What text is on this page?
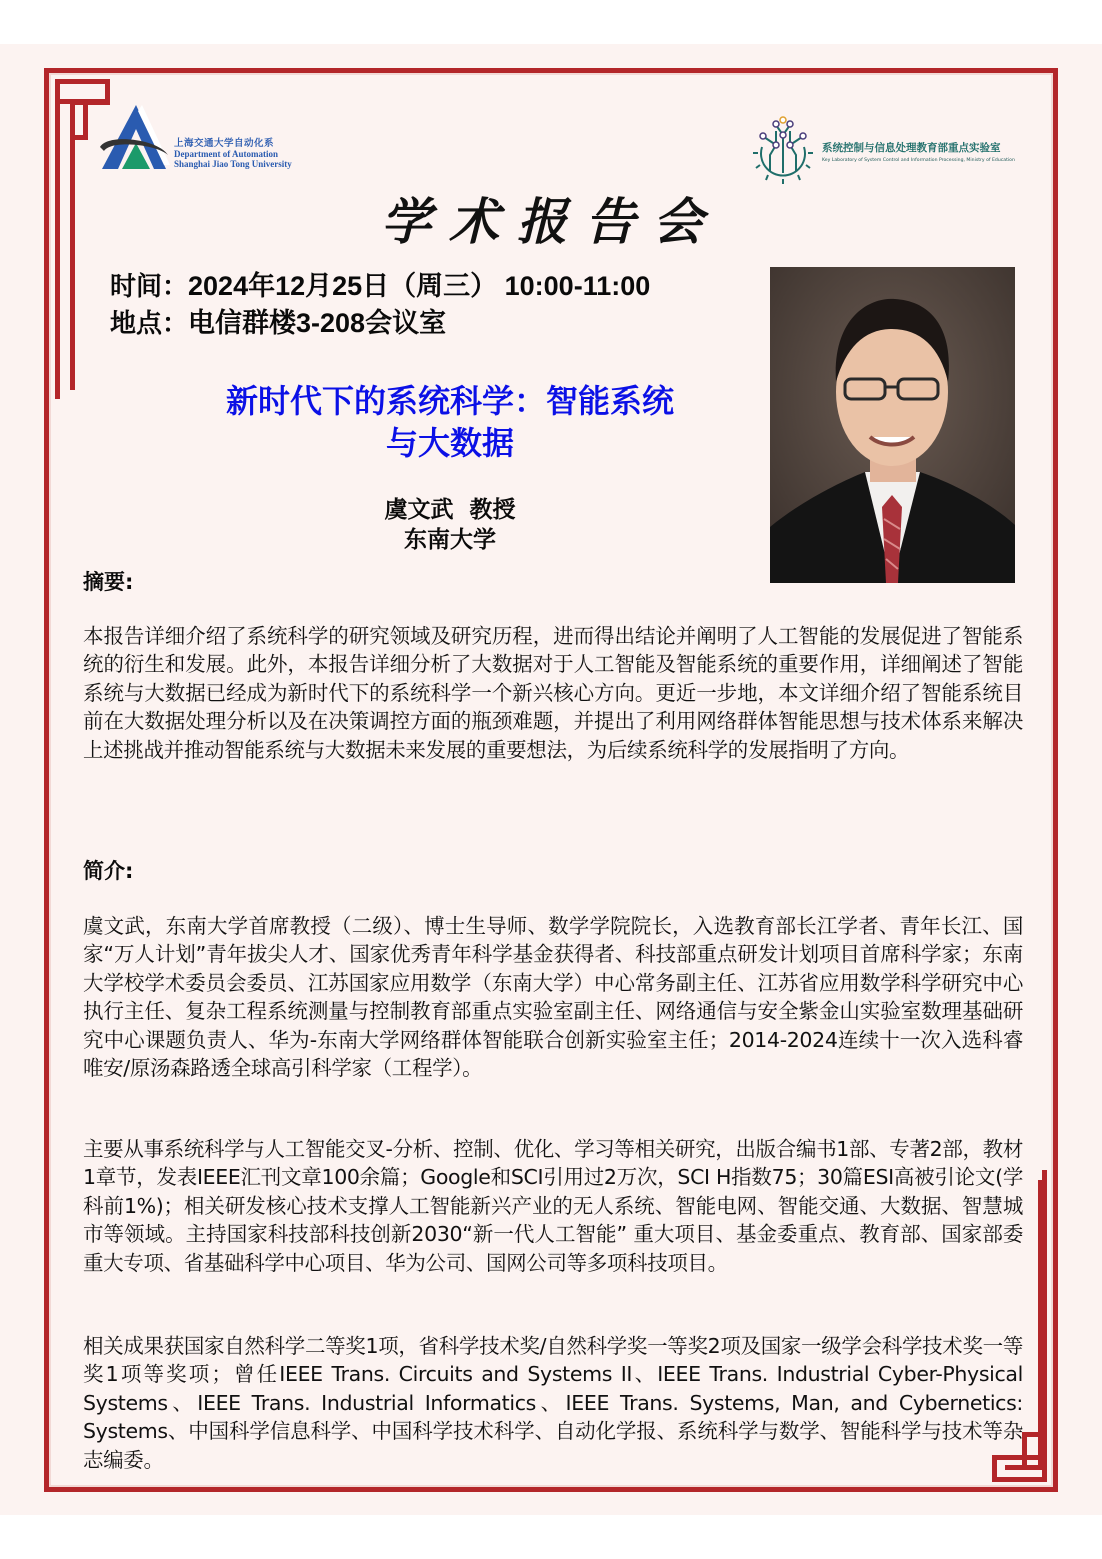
上海交通大学自动化系
Department of Automation
Shanghai Jiao Tong University
系统控制与信息处理教育部重点实验室
Key Laboratory of System Control and Information Processing, Ministry of Education
学术报告会
时间：2024年12月25日（周三） 10:00-11:00
地点：电信群楼3-208会议室
新时代下的系统科学：智能系统
与大数据
虞文武  教授
东南大学
摘要:
本报告详细介绍了系统科学的研究领域及研究历程，进而得出结论并阐明了人工智能的发展促进了智能系统的衍生和发展。此外，本报告详细分析了大数据对于人工智能及智能系统的重要作用，详细阐述了智能系统与大数据已经成为新时代下的系统科学一个新兴核心方向。更近一步地，本文详细介绍了智能系统目前在大数据处理分析以及在决策调控方面的瓶颈难题，并提出了利用网络群体智能思想与技术体系来解决上述挑战并推动智能系统与大数据未来发展的重要想法，为后续系统科学的发展指明了方向。
简介:
虞文武，东南大学首席教授（二级）、博士生导师、数学学院院长，入选教育部长江学者、青年长江、国家“万人计划”青年拔尖人才、国家优秀青年科学基金获得者、科技部重点研发计划项目首席科学家；东南大学校学术委员会委员、江苏国家应用数学（东南大学）中心常务副主任、江苏省应用数学科学研究中心执行主任、复杂工程系统测量与控制教育部重点实验室副主任、网络通信与安全紫金山实验室数理基础研究中心课题负责人、华为-东南大学网络群体智能联合创新实验室主任；2014-2024连续十一次入选科睿唯安/原汤森路透全球高引科学家（工程学）。
主要从事系统科学与人工智能交叉-分析、控制、优化、学习等相关研究，出版合编书1部、专著2部，教材1章节，发表IEEE汇刊文章100余篇；Google和SCI引用过2万次，SCI H指数75；30篇ESI高被引论文(学科前1%)；相关研发核心技术支撑人工智能新兴产业的无人系统、智能电网、智能交通、大数据、智慧城市等领域。主持国家科技部科技创新2030“新一代人工智能” 重大项目、基金委重点、教育部、国家部委重大专项、省基础科学中心项目、华为公司、国网公司等多项科技项目。
相关成果获国家自然科学二等奖1项，省科学技术奖/自然科学奖一等奖2项及国家一级学会科学技术奖一等奖1项等奖项；曾任IEEE Trans. Circuits and Systems II、IEEE Trans. Industrial Cyber-Physical Systems、IEEE Trans. Industrial Informatics、IEEE Trans. Systems, Man, and Cybernetics: Systems、中国科学信息科学、中国科学技术科学、自动化学报、系统科学与数学、智能科学与技术等杂志编委。
